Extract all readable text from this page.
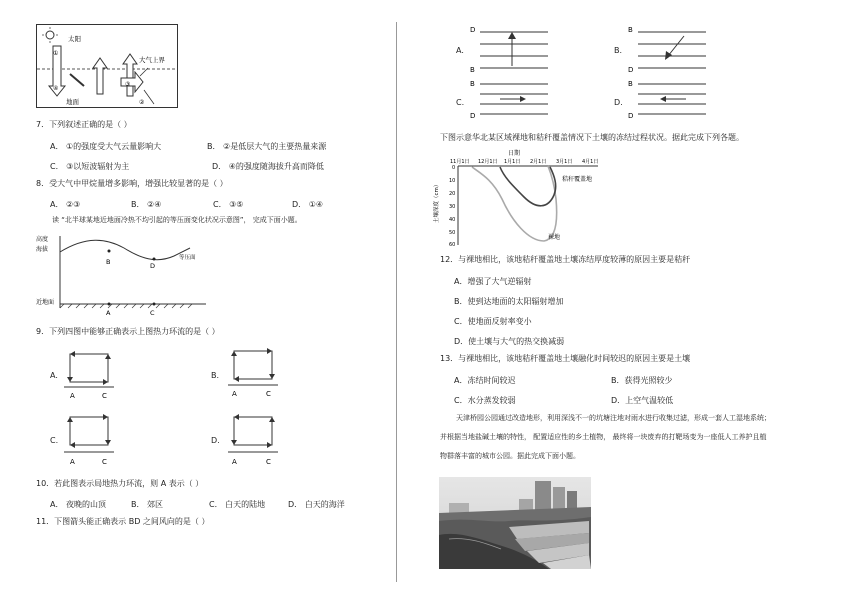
太阳
大气上界
地面
①
④
③
②
7．下列叙述正确的是（ ）
A． ①的强度受大气云量影响大	B． ②是低层大气的主要热量来源
C． ③以短波辐射为主	D． ④的强度随海拔升高而降低
8．受大气中甲烷量增多影响，增强比较显著的是（ ）
A． ②③	B． ②④	C． ③⑤	D． ①④
读 “北半球某地近地面冷热不均引起的等压面变化状况示意图”， 完成下面小题。
高度
海拔
等压面
近地面
B	D
A	C
9．下列四图中能够正确表示上图热力环流的是（ ）
A.
A	C
B.
A	C
C.
A	C
D.
A	C
10．若此图表示局地热力环流，则 A 表示（ ）
A． 夜晚的山顶	B． 郊区	C． 白天的陆地	D． 白天的海洋
11．下图箭头能正确表示 BD 之间风向的是（ ）
A.
D
B
B.
B
D
C.
B
D
D.
B
D
下图示意华北某区域裸地和秸秆覆盖情况下土壤的冻结过程状况。据此完成下列各题。
日期
11月1日 12月1日 1月1日 2月1日 3月1日 4月1日
0
10
20
30
40
50
60
土壤深度（cm）
秸秆覆盖地
裸地
12．与裸地相比，该地秸秆覆盖地土壤冻结厚度较薄的原因主要是秸秆
A．增强了大气逆辐射
B．使到达地面的太阳辐射增加
C．使地面反射率变小
D．使土壤与大气的热交换减弱
13．与裸地相比，该地秸秆覆盖地土壤融化时间较迟的原因主要是土壤
A．冻结时间较迟	B．获得光照较少
C．水分蒸发较弱	D．上空气温较低
天津桥园公园通过改造地形，利用深浅不一的坑塘注地对雨水进行收集过滤，形成一套人工湿地系统；
并根据当地盐碱土壤的特性， 配置适应性的乡土植物， 最终将一块废弃的打靶场变为一座低人工养护且植
物群落丰富的城市公园。据此完成下面小题。
